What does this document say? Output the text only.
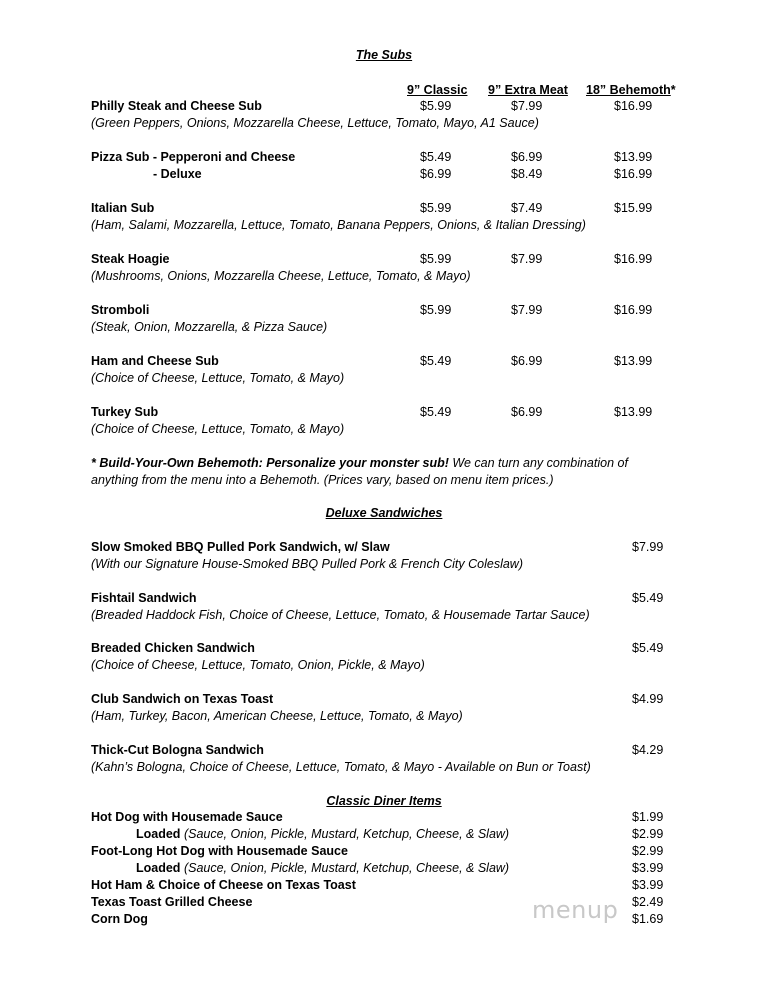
The Subs
9” Classic 9” Extra Meat 18” Behemoth*
Philly Steak and Cheese Sub	$5.99	$7.99	$16.99
(Green Peppers, Onions, Mozzarella Cheese, Lettuce, Tomato, Mayo, A1 Sauce)
Pizza Sub - Pepperoni and Cheese	$5.49	$6.99	$13.99
- Deluxe	$6.99	$8.49	$16.99
Italian Sub	$5.99	$7.49	$15.99
(Ham, Salami, Mozzarella, Lettuce, Tomato, Banana Peppers, Onions, & Italian Dressing)
Steak Hoagie	$5.99	$7.99	$16.99
(Mushrooms, Onions, Mozzarella Cheese, Lettuce, Tomato, & Mayo)
Stromboli	$5.99	$7.99	$16.99
(Steak, Onion, Mozzarella, & Pizza Sauce)
Ham and Cheese Sub	$5.49	$6.99	$13.99
(Choice of Cheese, Lettuce, Tomato, & Mayo)
Turkey Sub	$5.49	$6.99	$13.99
(Choice of Cheese, Lettuce, Tomato, & Mayo)
* Build-Your-Own Behemoth: Personalize your monster sub! We can turn any combination of
anything from the menu into a Behemoth. (Prices vary, based on menu item prices.)
Deluxe Sandwiches
Slow Smoked BBQ Pulled Pork Sandwich, w/ Slaw	$7.99
(With our Signature House-Smoked BBQ Pulled Pork & French City Coleslaw)
Fishtail Sandwich	$5.49
(Breaded Haddock Fish, Choice of Cheese, Lettuce, Tomato, & Housemade Tartar Sauce)
Breaded Chicken Sandwich	$5.49
(Choice of Cheese, Lettuce, Tomato, Onion, Pickle, & Mayo)
Club Sandwich on Texas Toast	$4.99
(Ham, Turkey, Bacon, American Cheese, Lettuce, Tomato, & Mayo)
Thick-Cut Bologna Sandwich	$4.29
(Kahn’s Bologna, Choice of Cheese, Lettuce, Tomato, & Mayo - Available on Bun or Toast)
Classic Diner Items
Hot Dog with Housemade Sauce	$1.99
Loaded (Sauce, Onion, Pickle, Mustard, Ketchup, Cheese, & Slaw)	$2.99
Foot-Long Hot Dog with Housemade Sauce	$2.99
Loaded (Sauce, Onion, Pickle, Mustard, Ketchup, Cheese, & Slaw)	$3.99
Hot Ham & Choice of Cheese on Texas Toast	$3.99
Texas Toast Grilled Cheese	$2.49
Corn Dog	$1.69
menup
